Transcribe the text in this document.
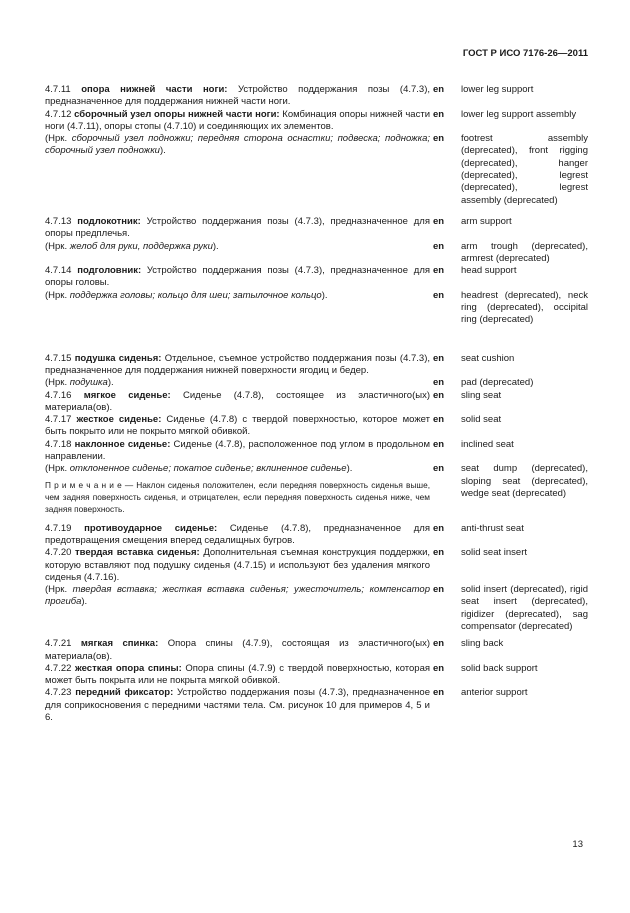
ГОСТ Р ИСО 7176-26—2011
4.7.11 опора нижней части ноги: Устройство поддержания позы (4.7.3), предназначенное для поддержания нижней части ноги.
en	lower leg support
4.7.12 сборочный узел опоры нижней части ноги: Комбинация опоры нижней части ноги (4.7.11), опоры стопы (4.7.10) и соединяющих их элементов.
en	lower leg support assembly
(Нрк. сборочный узел подножки; передняя сторона оснастки; подвеска; подножка; сборочный узел подножки).
en	footrest assembly (deprecated), front rigging (deprecated), hanger (deprecated), legrest (deprecated), legrest assembly (deprecated)
4.7.13 подлокотник: Устройство поддержания позы (4.7.3), предназначенное для опоры предплечья.
en	arm support
(Нрк. желоб для руки, поддержка руки).	en	arm trough (deprecated), armrest (deprecated)
4.7.14 подголовник: Устройство поддержания позы (4.7.3), предназначенное для опоры головы.
en	head support
(Нрк. поддержка головы; кольцо для шеи; затылочное кольцо).	en	headrest (deprecated), neck ring (deprecated), occipital ring (deprecated)
4.7.15 подушка сиденья: Отдельное, съемное устройство поддержания позы (4.7.3), предназначенное для поддержания нижней поверхности ягодиц и бедер.
en	seat cushion
(Нрк. подушка).	en	pad (deprecated)
4.7.16 мягкое сиденье: Сиденье (4.7.8), состоящее из эластичного(ых) материала(ов).
en	sling seat
4.7.17 жесткое сиденье: Сиденье (4.7.8) с твердой поверхностью, которое может быть покрыто или не покрыто мягкой обивкой.
en	solid seat
4.7.18 наклонное сиденье: Сиденье (4.7.8), расположенное под углом в продольном направлении.
en	inclined seat
(Нрк. отклоненное сиденье; покатое сиденье; вклиненное сиденье).
П р и м е ч а н и е — Наклон сиденья положителен, если передняя поверхность сиденья выше, чем задняя поверхность сиденья, и отрицателен, если передняя поверхность сиденья ниже, чем задняя поверхность.
en	seat dump (deprecated), sloping seat (deprecated), wedge seat (deprecated)
4.7.19 противоударное сиденье: Сиденье (4.7.8), предназначенное для предотвращения смещения вперед седалищных бугров.
en	anti-thrust seat
4.7.20 твердая вставка сиденья: Дополнительная съемная конструкция поддержки, которую вставляют под подушку сиденья (4.7.15) и используют без удаления мягкого сиденья (4.7.16).
en	solid seat insert
(Нрк. твердая вставка; жесткая вставка сиденья; ужесточитель; компенсатор прогиба).
en	solid insert (deprecated), rigid seat insert (deprecated), rigidizer (deprecated), sag compensator (deprecated)
4.7.21 мягкая спинка: Опора спины (4.7.9), состоящая из эластичного(ых) материала(ов).
en	sling back
4.7.22 жесткая опора спины: Опора спины (4.7.9) с твердой поверхностью, которая может быть покрыта или не покрыта мягкой обивкой.
en	solid back support
4.7.23 передний фиксатор: Устройство поддержания позы (4.7.3), предназначенное для соприкосновения с передними частями тела. См. рисунок 10 для примеров 4, 5 и 6.
en	anterior support
13
